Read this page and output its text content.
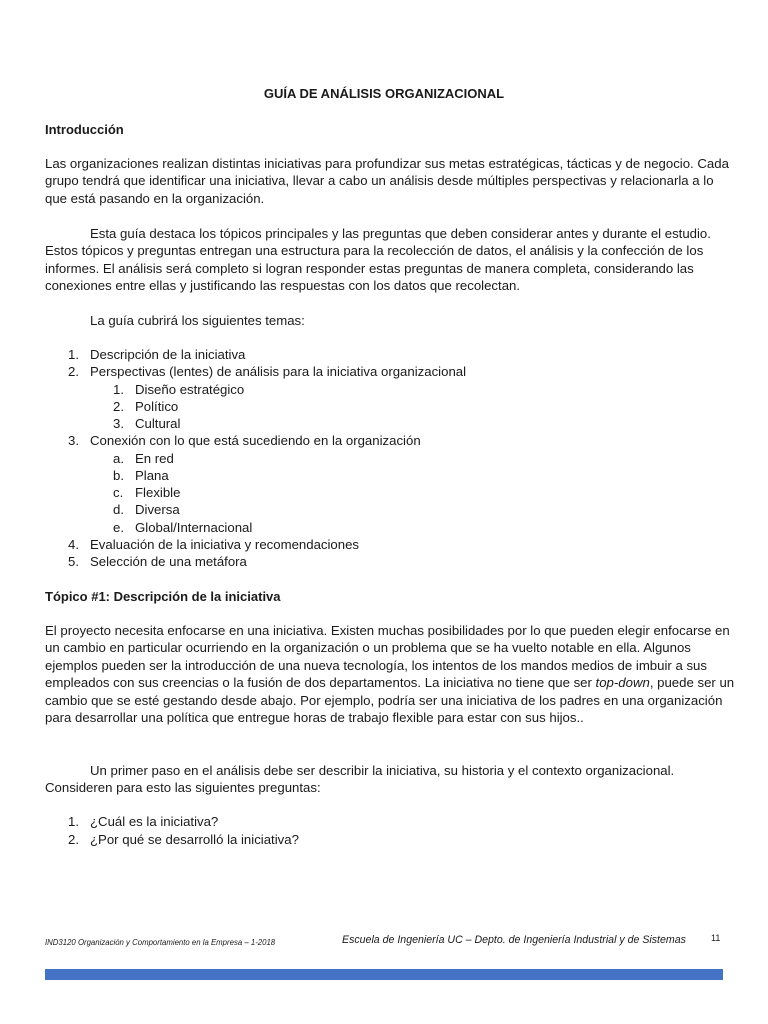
GUÍA DE ANÁLISIS ORGANIZACIONAL
Introducción

Las organizaciones realizan distintas iniciativas para profundizar sus metas estratégicas, tácticas y de negocio. Cada grupo tendrá que identificar una iniciativa, llevar a cabo un análisis desde múltiples perspectivas y relacionarla a lo que está pasando en la organización.

Esta guía destaca los tópicos principales y las preguntas que deben considerar antes y durante el estudio. Estos tópicos y preguntas entregan una estructura para la recolección de datos, el análisis y la confección de los informes. El análisis será completo si logran responder estas preguntas de manera completa, considerando las conexiones entre ellas y justificando las respuestas con los datos que recolectan.

La guía cubrirá los siguientes temas:

1. Descripción de la iniciativa
2. Perspectivas (lentes) de análisis para la iniciativa organizacional
1. Diseño estratégico
2. Político
3. Cultural
3. Conexión con lo que está sucediendo en la organización
a. En red
b. Plana
c. Flexible
d. Diversa
e. Global/Internacional
4. Evaluación de la iniciativa y recomendaciones
5. Selección de una metáfora
Tópico #1: Descripción de la iniciativa

El proyecto necesita enfocarse en una iniciativa. Existen muchas posibilidades por lo que pueden elegir enfocarse en un cambio en particular ocurriendo en la organización o un problema que se ha vuelto notable en ella. Algunos ejemplos pueden ser la introducción de una nueva tecnología, los intentos de los mandos medios de imbuir a sus empleados con sus creencias o la fusión de dos departamentos. La iniciativa no tiene que ser top-down, puede ser un cambio que se esté gestando desde abajo. Por ejemplo, podría ser una iniciativa de los padres en una organización para desarrollar una política que entregue horas de trabajo flexible para estar con sus hijos..

Un primer paso en el análisis debe ser describir la iniciativa, su historia y el contexto organizacional. Consideren para esto las siguientes preguntas:

1. ¿Cuál es la iniciativa?
2. ¿Por qué se desarrolló la iniciativa?
IND3120 Organización y Comportamiento en la Empresa – 1-2018	Escuela de Ingeniería UC – Depto. de Ingeniería Industrial y de Sistemas	11
